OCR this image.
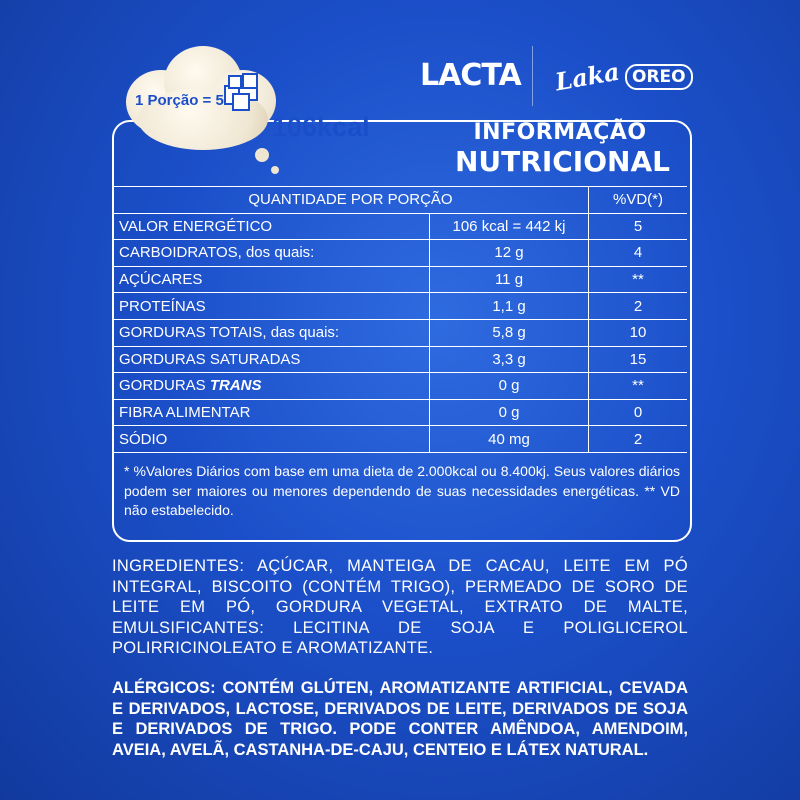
LACTA Laka OREO
1 Porção = 5
106kcal	INFORMAÇÃO
NUTRICIONAL
QUANTIDADE POR PORÇÃO		%VD(*)
VALOR ENERGÉTICO	106 kcal = 442 kj	5
CARBOIDRATOS, dos quais:	12 g	4
AÇÚCARES	11 g	**
PROTEÍNAS	1,1 g	2
GORDURAS TOTAIS, das quais:	5,8 g	10
GORDURAS SATURADAS	3,3 g	15
GORDURAS TRANS	0 g	**
FIBRA ALIMENTAR	0 g	0
SÓDIO	40 mg	2
* %Valores Diários com base em uma dieta de 2.000kcal ou 8.400kj. Seus valores diários podem ser maiores ou menores dependendo de suas necessidades energéticas. ** VD não estabelecido.
INGREDIENTES: AÇÚCAR, MANTEIGA DE CACAU, LEITE EM PÓ INTEGRAL, BISCOITO (CONTÉM TRIGO), PERMEADO DE SORO DE LEITE EM PÓ, GORDURA VEGETAL, EXTRATO DE MALTE, EMULSIFICANTES: LECITINA DE SOJA E POLIGLICEROL POLIRRICINOLEATO E AROMATIZANTE.
ALÉRGICOS: CONTÉM GLÚTEN, AROMATIZANTE ARTIFICIAL, CEVADA E DERIVADOS, LACTOSE, DERIVADOS DE LEITE, DERIVADOS DE SOJA E DERIVADOS DE TRIGO. PODE CONTER AMÊNDOA, AMENDOIM, AVEIA, AVELÃ, CASTANHA-DE-CAJU, CENTEIO E LÁTEX NATURAL.
